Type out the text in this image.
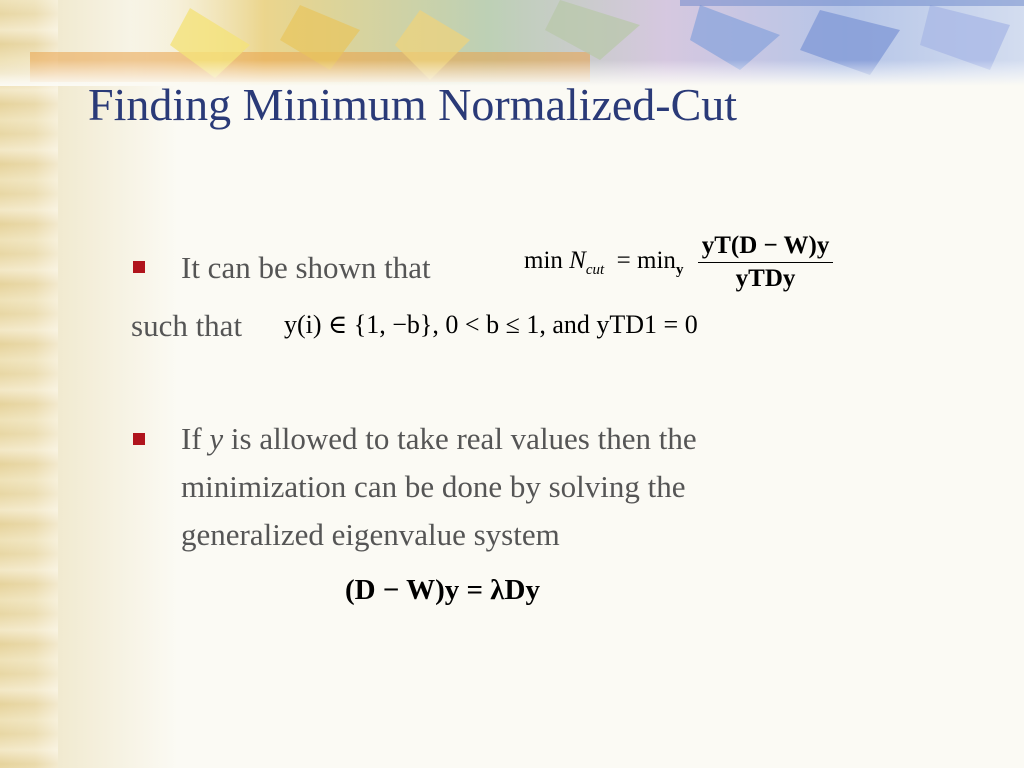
Finding Minimum Normalized-Cut
It can be shown that	$\min N_{cut} = \min_y \frac{yT(D - W)y}{\text{yTDy}}$
such that y(i) ∈ {1, −b}, 0 < b ≤ 1, and yTD1 = 0
If y is allowed to take real values then the
minimization can be done by solving the
generalized eigenvalue system
(D − W)y = λDy
